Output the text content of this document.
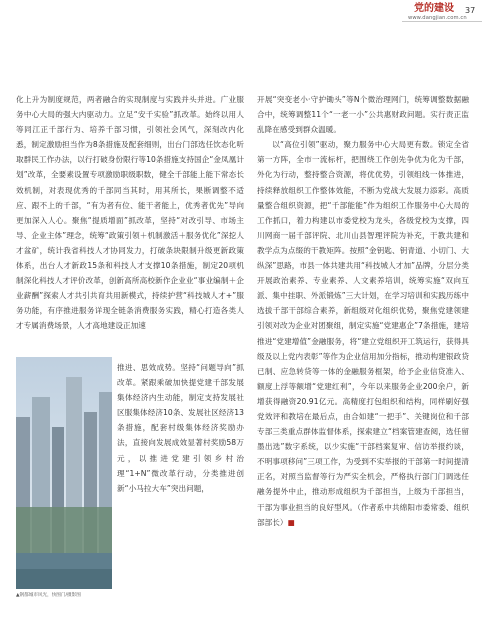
党的建设
www.dangjian.com.cn
37

化上升为制度规范，两者融合的实现制度与实践并头并进。广业服务中心大局的强大内驱动力。立足“安千实验”抓改革。始终以用人等同江正千部行为、培养千部习惯，引领社会风气，深刻改内化悉，制定激励担当作为8条措施及配套细则，出台门部选任饮态化听取群民工作办法，以行打破身份限行等10条措施支持国企“金凤凰计划”改革，全要素设置专项激励职级职数，健全千部能上能下常态长效机制，对表现优秀的千部同当其时，用其所长，果断调整不适应、跟不上的千部，“有为者有位、能干者能上，优秀者优先”导向更加深入人心。聚焦“提质增面”抓改革，坚持“对改引导、市场主导、企业主体”理念，统筹“政策引领＋机制激活＋服务优化”深挖人才盆矿，统计我省科技人才协同发力，打破条块限制升级更新政策体系，出台人才新政15条和科技人才支撑10条措施，制定20项机制深化科技人才评价改革，创新高所高校新作企业业“事业编制＋企业薪酬”探索人才共引共育共用新模式，持续护营“科技城人才+”服务功能，有序推进服务详现全链条消费服务实践，精心打造各类人才专属消费场景，人才高地建设正加速

▲钢都城市风光，快图门/摄影图

推进、思效成势。坚持“问题导向”抓改革。紧跟乘破加快提党建千部发展集体经济内生动能，制定支持发展社区服集体经济10条、发展社区经济13条措施，配套村级集体经济奖励办法，直接向发展成效显著村奖励58万元，以推进党建引领乡村治理“1+N”微改革行动，分类推进创新“小马拉大车”突出问题，

开展“突变老小·守护锄头”等N个微治理网门，统筹调整数据融合中，统筹调整11个“一老一小”公共惠财政问题。实行责正监乱降在感受到群众温暖。

以“高位引领”驱动，聚力服务中心大局更有数。锁定全省第一方阵，全市一流标杆，把围绕工作创先争优为化为千部，外化为行动，整持整合资源，将优优势，引领组线一体推进，持续释放组织工作整体效能，不断为党战大发展力添彩。高质量整合组织资源，把“千部能能”作为组织工作服务中心大局的工作抓口，着力构建以市委党校为龙头，各级党校为支撑，四川网商一届千部评院、北川山县智理评院为补充，干教共建和教学点为点缀的干教矩阵。按照“金钥匙、钥青道、小切门、大纵深”思路，市县一体共建共用“科技城人才加”品牌，分层分类开展政治素养、专业素养、人文素养培训，统筹实施“双向互派、集中挂职、外派锻炼”三大计划，在学习培训和实践历练中选拔千部干部综合素养，新组级对化组织优势，聚焦党建领建引领对改为企业对团聚组，制定实施“党建惠企”7条措施，建培推进“党建增值”金融服务，将“建立党组织开工筑运行，获得具级及以上党内表彰”等作为企业信用加分指标，推动构建银政贷已制、应急转贷等一体的金融服务框架，给予企业信贷准入、额度上浮等额增“党建红利”，今年以来服务企业200余户，新增获得融资20.91亿元。高精度打包组织和结构，同样刷好强党效评和教培在最后点，由合如建“一把手”、关键岗位和千部专部三类重点群体监督体系，探索建立“档案管建查阅，选任留墨出选”数字系统，以少实施“干部档案复审、信访举报约谈，不明事项移问”三项工作，为受到不实举报的干部第一时间提清正名，对照当监督等行为严实全机会，严格执行部门门调选任融务提外中止，推动形成组织为千部担当，上级为千部担当，干部为事业担当的良好型风。（作者系中共绵阳市委常委、组织部部长）■
